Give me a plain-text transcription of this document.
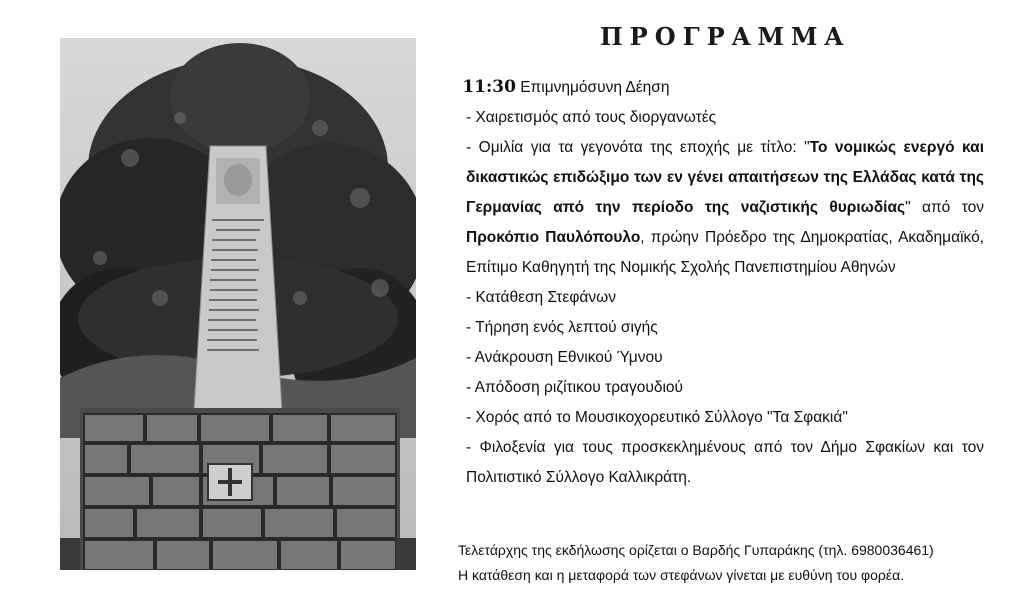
ΠΡΟΓΡΑΜΜΑ

11:30 Επιμνημόσυνη Δέηση

- Χαιρετισμός από τους διοργανωτές

- Ομιλία για τα γεγονότα της εποχής με τίτλο: "Το νομικώς ενεργό και δικαστικώς επιδώξιμο των εν γένει απαιτήσεων της Ελλάδας κατά της Γερμανίας από την περίοδο της ναζιστικής θυριωδίας" από τον Προκόπιο Παυλόπουλο, πρώην Πρόεδρο της Δημοκρατίας, Ακαδημαϊκό, Επίτιμο Καθηγητή της Νομικής Σχολής Πανεπιστημίου Αθηνών

- Κατάθεση Στεφάνων

- Τήρηση ενός λεπτού σιγής

- Ανάκρουση Εθνικού Ύμνου

- Απόδοση ριζίτικου τραγουδιού

- Χορός από το Μουσικοχορευτικό Σύλλογο "Τα Σφακιά"

- Φιλοξενία για τους προσκεκλημένους από τον Δήμο Σφακίων και τον Πολιτιστικό Σύλλογο Καλλικράτη.

Τελετάρχης της εκδήλωσης ορίζεται ο Βαρδής Γυπαράκης (τηλ. 6980036461)

Η κατάθεση και η μεταφορά των στεφάνων γίνεται με ευθύνη του φορέα.
